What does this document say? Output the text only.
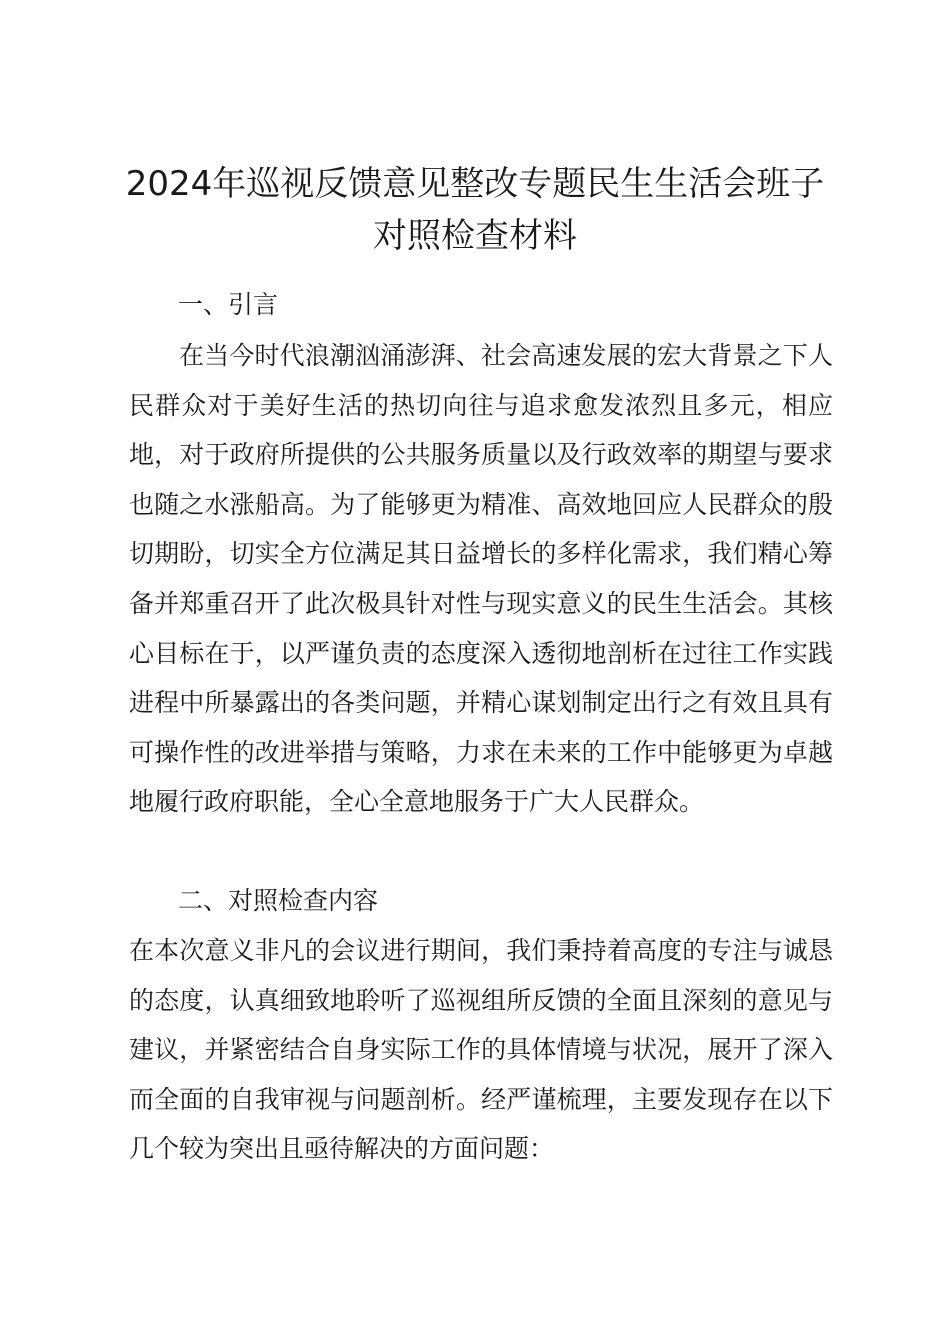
2024年巡视反馈意见整改专题民生生活会班子对照检查材料
一、引言
在当今时代浪潮汹涌澎湃、社会高速发展的宏大背景之下人民群众对于美好生活的热切向往与追求愈发浓烈且多元，相应地，对于政府所提供的公共服务质量以及行政效率的期望与要求也随之水涨船高。为了能够更为精准、高效地回应人民群众的殷切期盼，切实全方位满足其日益增长的多样化需求，我们精心筹备并郑重召开了此次极具针对性与现实意义的民生生活会。其核心目标在于，以严谨负责的态度深入透彻地剖析在过往工作实践进程中所暴露出的各类问题，并精心谋划制定出行之有效且具有可操作性的改进举措与策略，力求在未来的工作中能够更为卓越地履行政府职能，全心全意地服务于广大人民群众。
二、对照检查内容
在本次意义非凡的会议进行期间，我们秉持着高度的专注与诚恳的态度，认真细致地聆听了巡视组所反馈的全面且深刻的意见与建议，并紧密结合自身实际工作的具体情境与状况，展开了深入而全面的自我审视与问题剖析。经严谨梳理，主要发现存在以下几个较为突出且亟待解决的方面问题：
